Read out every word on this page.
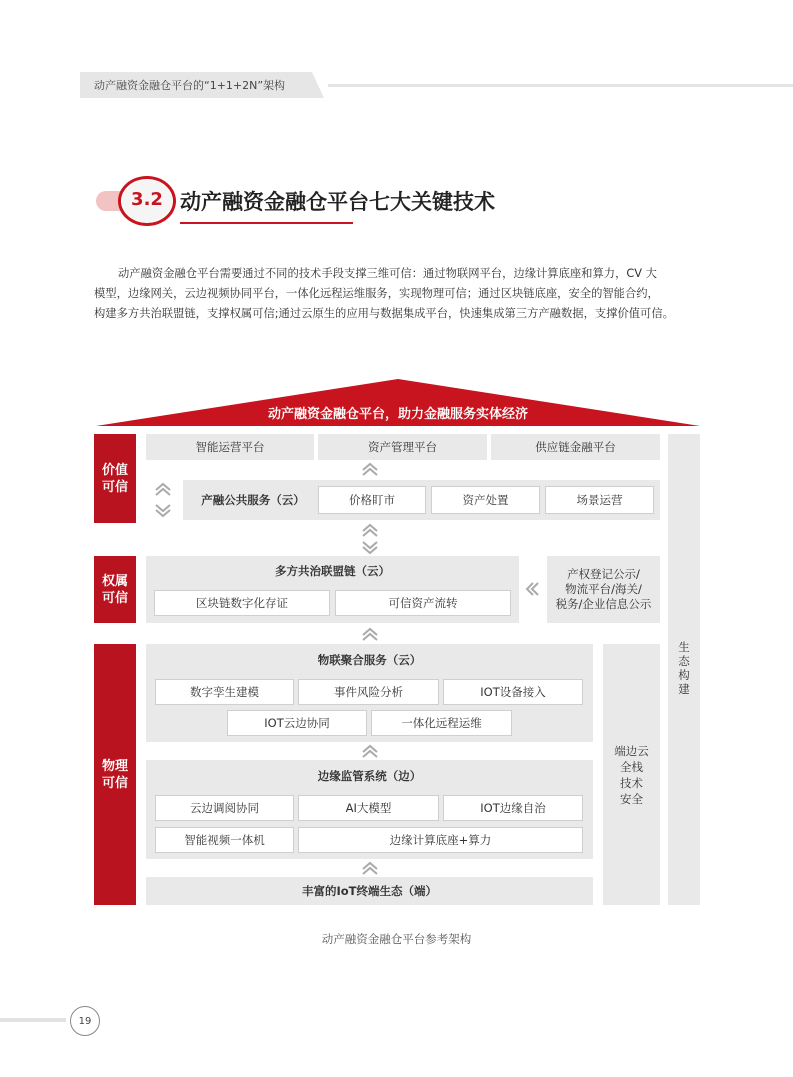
动产融资金融仓平台的“1+1+2N”架构
3.2 动产融资金融仓平台七大关键技术
动产融资金融仓平台需要通过不同的技术手段支撑三维可信：通过物联网平台，边缘计算底座和算力，CV 大
模型，边缘网关，云边视频协同平台，一体化远程运维服务，实现物理可信；通过区块链底座，安全的智能合约，
构建多方共治联盟链，支撑权属可信;通过云原生的应用与数据集成平台，快速集成第三方产融数据，支撑价值可信。
动产融资金融仓平台，助力金融服务实体经济
价值
可信
权属
可信
物理
可信
智能运营平台	资产管理平台	供应链金融平台
产融公共服务（云）	价格盯市	资产处置	场景运营
多方共治联盟链（云）
区块链数字化存证	可信资产流转
产权登记公示/
物流平台/海关/
税务/企业信息公示
物联聚合服务（云）
数字孪生建模	事件风险分析	IOT设备接入
IOT云边协同	一体化远程运维
边缘监管系统（边）
云边调阅协同	AI大模型	IOT边缘自治
智能视频一体机	边缘计算底座+算力
丰富的IoT终端生态（端）
端边云
全栈
技术
安全
生
态
构
建
动产融资金融仓平台参考架构
19
